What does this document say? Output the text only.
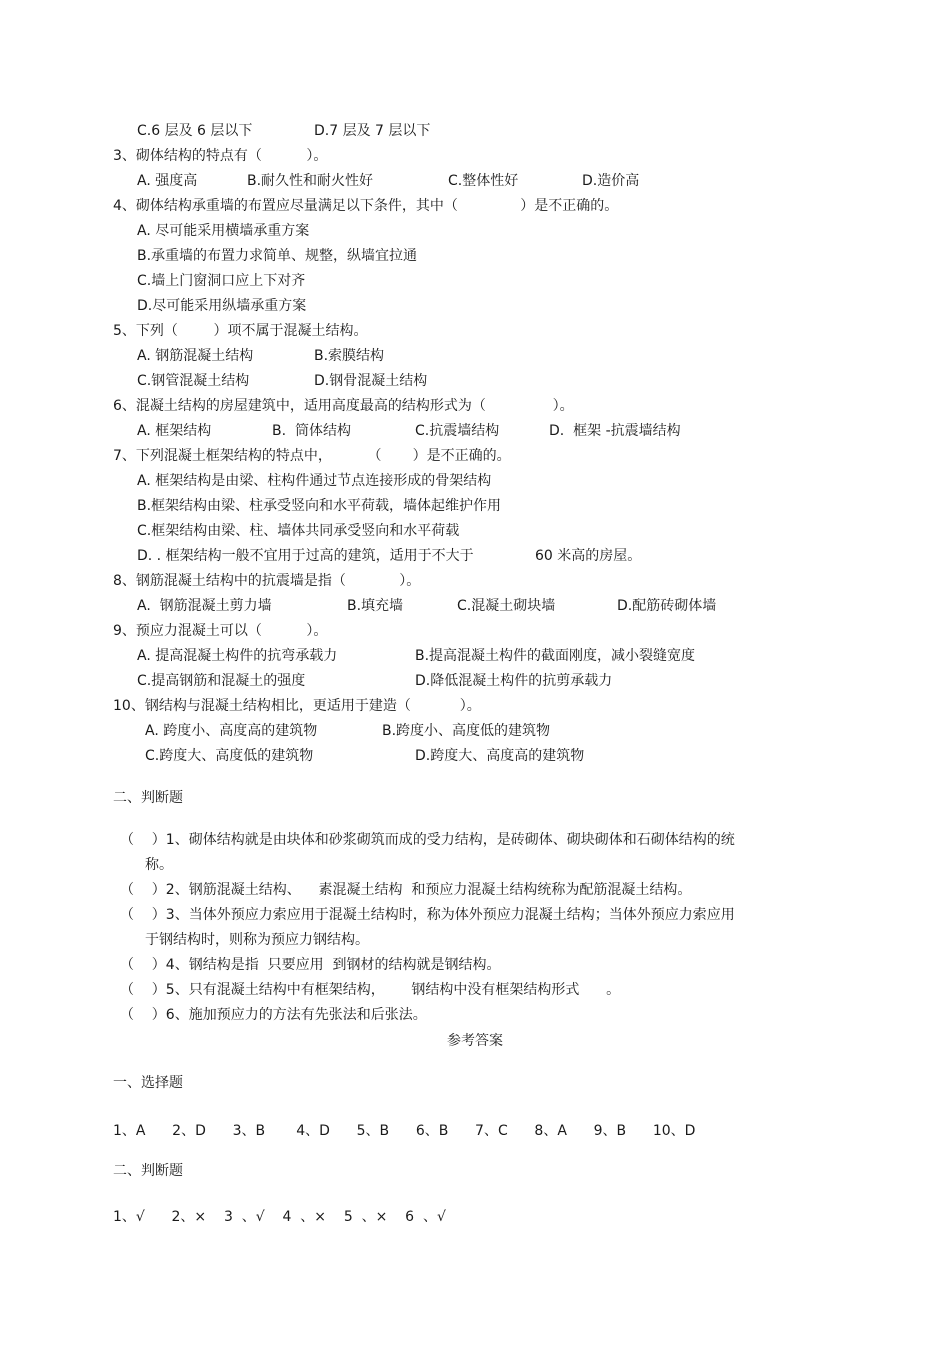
C.6 层及 6 层以下	D.7 层及 7 层以下
3、砌体结构的特点有（          ）。
A. 强度高	B.耐久性和耐火性好	C.整体性好	D.造价高
4、砌体结构承重墙的布置应尽量满足以下条件，其中（              ）是不正确的。
A. 尽可能采用横墙承重方案
B.承重墙的布置力求简单、规整，纵墙宜拉通
C.墙上门窗洞口应上下对齐
D.尽可能采用纵墙承重方案
5、下列（        ）项不属于混凝土结构。
A. 钢筋混凝土结构	B.索膜结构
C.钢管混凝土结构	D.钢骨混凝土结构
6、混凝土结构的房屋建筑中，适用高度最高的结构形式为（               ）。
A. 框架结构	B.  筒体结构	C.抗震墙结构	D.  框架 -抗震墙结构
7、下列混凝土框架结构的特点中，        （       ）是不正确的。
A. 框架结构是由梁、柱构件通过节点连接形成的骨架结构
B.框架结构由梁、柱承受竖向和水平荷载，墙体起维护作用
C.框架结构由梁、柱、墙体共同承受竖向和水平荷载
D. . 框架结构一般不宜用于过高的建筑，适用于不大于	60 米高的房屋。
8、钢筋混凝土结构中的抗震墙是指（            ）。
A.  钢筋混凝土剪力墙	B.填充墙	C.混凝土砌块墙	D.配筋砖砌体墙
9、预应力混凝土可以（          ）。
A. 提高混凝土构件的抗弯承载力	B.提高混凝土构件的截面刚度，减小裂缝宽度
C.提高钢筋和混凝土的强度	D.降低混凝土构件的抗剪承载力
10、钢结构与混凝土结构相比，更适用于建造（           ）。
A. 跨度小、高度高的建筑物	B.跨度小、高度低的建筑物
C.跨度大、高度低的建筑物	D.跨度大、高度高的建筑物
二、判断题
（    ）1、砌体结构就是由块体和砂浆砌筑而成的受力结构，是砖砌体、砌块砌体和石砌体结构的统
称。
（    ）2、钢筋混凝土结构、    素混凝土结构  和预应力混凝土结构统称为配筋混凝土结构。
（    ）3、当体外预应力索应用于混凝土结构时，称为体外预应力混凝土结构；当体外预应力索应用
于钢结构时，则称为预应力钢结构。
（    ）4、钢结构是指  只要应用  到钢材的结构就是钢结构。
（    ）5、只有混凝土结构中有框架结构，      钢结构中没有框架结构形式      。
（    ）6、施加预应力的方法有先张法和后张法。
参考答案
一、选择题
1、A      2、D      3、B       4、D      5、B      6、B      7、C      8、A      9、B      10、D
二、判断题
1、√      2、×    3  、√    4  、×    5  、×    6  、√
